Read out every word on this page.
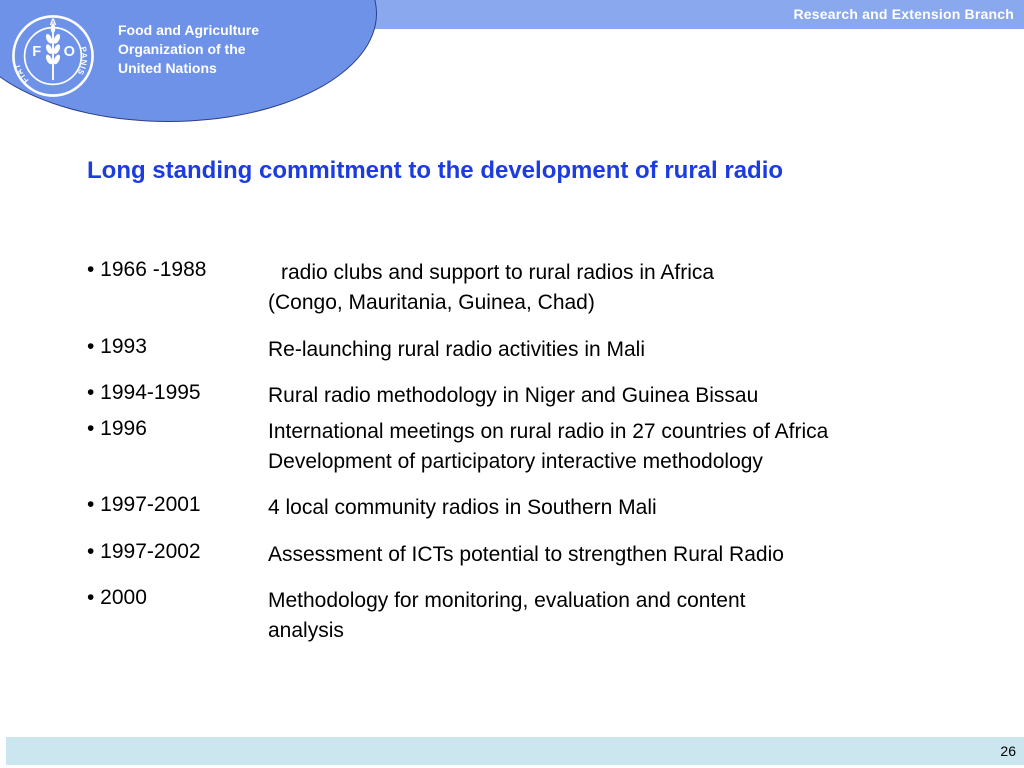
Research and Extension Branch
F
A
O
FIAT
PANIS
Food and Agriculture
Organization of the
United Nations
Long standing commitment to the development of rural radio
• 1966 -1988	radio clubs and support to rural radios in Africa
(Congo, Mauritania, Guinea, Chad)
• 1993	Re-launching rural radio activities in Mali
• 1994-1995	Rural radio methodology in Niger and Guinea Bissau
• 1996	International meetings on rural radio in 27 countries of Africa
Development of participatory interactive methodology
• 1997-2001	4 local community radios in Southern Mali
• 1997-2002	Assessment of ICTs potential to strengthen Rural Radio
• 2000	Methodology for monitoring, evaluation and content
analysis
26
